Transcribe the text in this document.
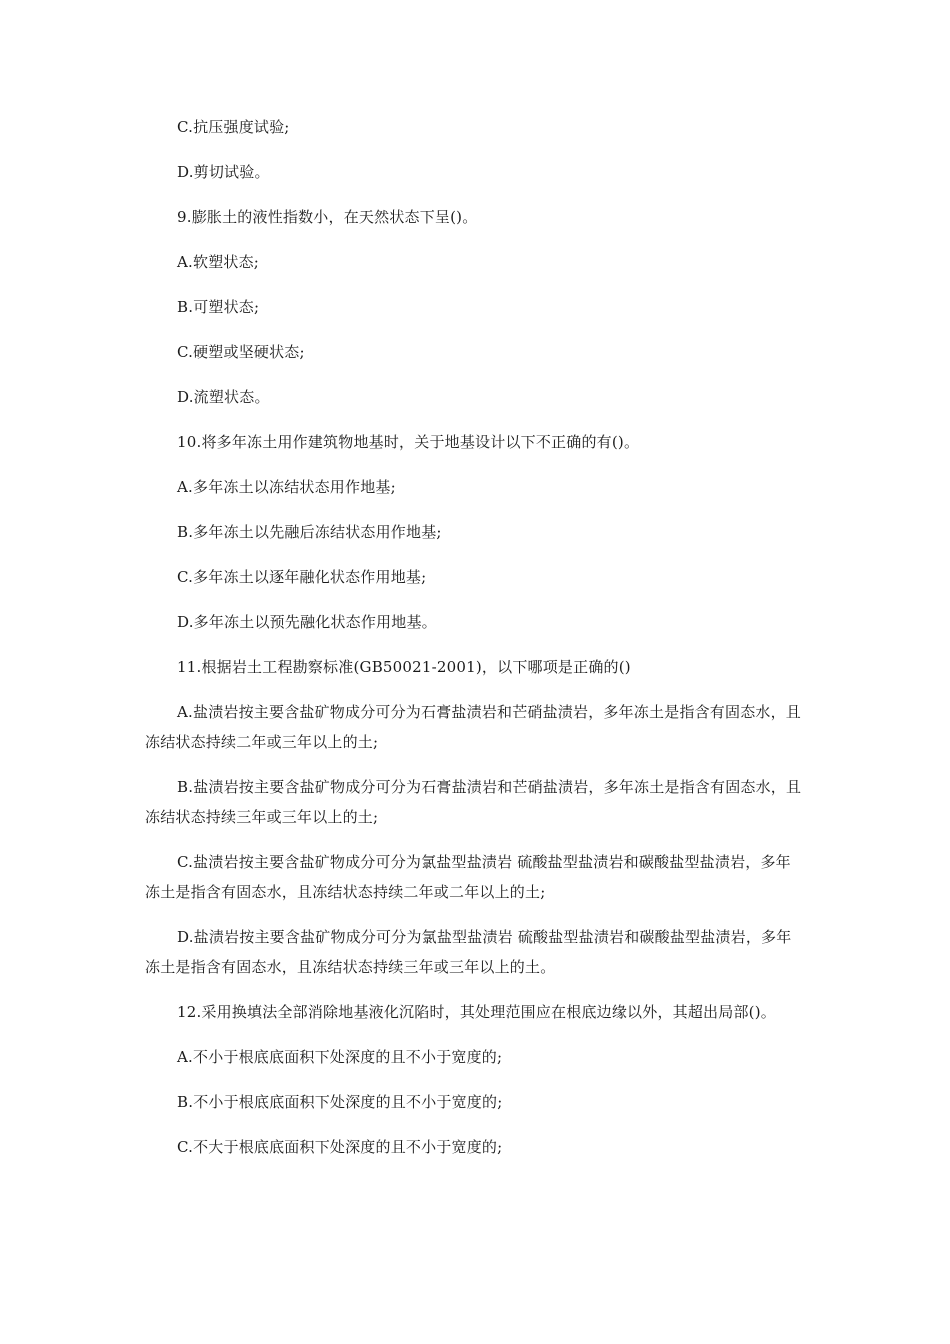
C.抗压强度试验;

D.剪切试验。

9.膨胀土的液性指数小，在天然状态下呈()。

A.软塑状态;

B.可塑状态;

C.硬塑或坚硬状态;

D.流塑状态。

10.将多年冻土用作建筑物地基时，关于地基设计以下不正确的有()。

A.多年冻土以冻结状态用作地基;

B.多年冻土以先融后冻结状态用作地基;

C.多年冻土以逐年融化状态作用地基;

D.多年冻土以预先融化状态作用地基。

11.根据岩土工程勘察标准(GB50021-2001)，以下哪项是正确的()

A.盐渍岩按主要含盐矿物成分可分为石膏盐渍岩和芒硝盐渍岩，多年冻土是指含有固态水，且冻结状态持续二年或三年以上的土;

B.盐渍岩按主要含盐矿物成分可分为石膏盐渍岩和芒硝盐渍岩，多年冻土是指含有固态水，且冻结状态持续三年或三年以上的土;

C.盐渍岩按主要含盐矿物成分可分为氯盐型盐渍岩 硫酸盐型盐渍岩和碳酸盐型盐渍岩，多年冻土是指含有固态水，且冻结状态持续二年或二年以上的土;

D.盐渍岩按主要含盐矿物成分可分为氯盐型盐渍岩 硫酸盐型盐渍岩和碳酸盐型盐渍岩，多年冻土是指含有固态水，且冻结状态持续三年或三年以上的土。

12.采用换填法全部消除地基液化沉陷时，其处理范围应在根底边缘以外，其超出局部()。

A.不小于根底底面积下处深度的且不小于宽度的;

B.不小于根底底面积下处深度的且不小于宽度的;

C.不大于根底底面积下处深度的且不小于宽度的;
